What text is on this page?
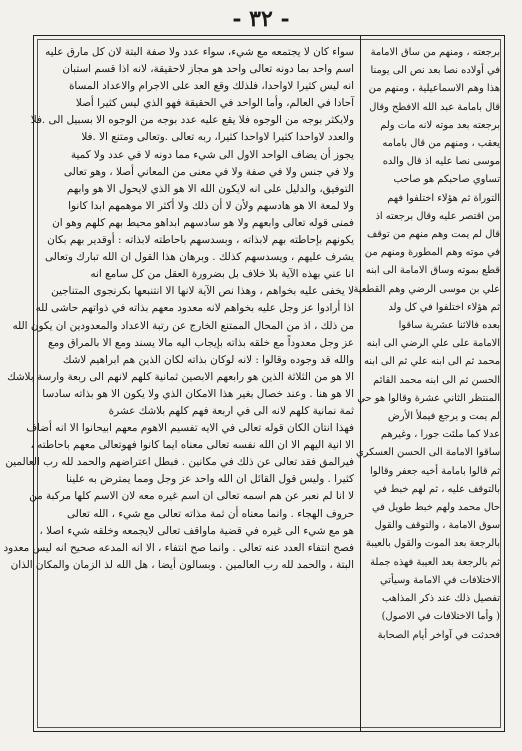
- ٣٢ -
سواء كان لا يجتمعه مع شيء، سواء عدد ولا صفة البتة لان كل مارق عليه
اسم واحد بما دونه تعالى واحد هو مجاز لاحقيقة، لانه اذا قسم استبان
انه ليس كثيرا لاواحدا، فلذلك وقع العد على الاجرام والاعداد المساة
آحادا في العالم، وأما الواحد في الحقيقة فهو الذي ليس كثيرا أصلا
ولايكثر بوجه من الوجوه فلا يقع عليه عدد بوجه من الوجوه الا بسبيل الى .فلا
والعدد لاواحدا كثيرا لاواحدا كثيرا، ربه تعالى .وتعالى ومتنع الا .فلا
يجوز أن يضاف الواحد الاول الى شيء مما دونه لا في عدد ولا كمية
ولا في جنس ولا في صفة ولا في معنى من المعاني أصلا ، وهو تعالى
التوفيق، والدليل على انه لايكون الله الا هو الذي لايحول الا هو وابهم
ولا لمعة الا هو هادسهم ولأن لا أن ذلك ولا أكثر الا موهمهم ابدا كانوا
فمنى قوله تعالى وابعهم ولا هو سادسهم ابداهو محيط بهم كلهم وهو ان
يكونهم بإحاطته بهم لابذاته ، وبسدسهم باحاطته لابذاته : أوقدير بهم بكان
يشرف عليهم ، ويسدسهم كذلك . وبرهان هذا القول ان الله تبارك وتعالى
انا عني بهذه الآية بلا خلاف بل بضرورة العقل من كل سامع انه
لا يخفى عليه بخواهم ، وهذا نص الآية لانها الا انتنبعها بكرنجوى المتناجين
اذا أرادوا عز وجل عليه بخواهم لانه معدود معهم بذاته في ذواتهم حاشى لله
من ذلك ، اذ من المحال الممتنع الخارج عن رتبة الاعداد والمعدودين ان يكون الله
عز وجل معدوداً مع خلقه بذاته بإيجاب اليه مالا يسند ومع الا بالمراق ومع
والله قد وجوده وقالوا : لانه لوكان بذاته لكان الذين هم ابراهيم لاشك
الا هو من الثلاثة الذين هو رابعهم الابصين ثمانية كلهم لانهم الى ربعة وارسة بلاشك
الا هو هنا . وعند خصال بغير هذا الامكان الذي ولا يكون الا هو بذاته سادسا
ثمة نمانية كلهم لانه الى في اربعة فهم كلهم بلاشك عشرة
فهذا انتان الكان قوله تعالى في الايه تفسيم الاهوم معهم ابيحانوا الا انه أضاف
الا انية اليهم الا ان الله نفسه تعالى معناه ايما كانوا فهوتعالى معهم باحاطته ،
فيرالمق فقد تعالى عن ذلك في مكانين . فبطل اعتراضهم والحمد لله رب العالمين
كثيرا . وليس قول القائل ان الله واحد عز وجل ومما يمترض به علينا
لا انا لم نعبر عن هم اسمه تعالى ان اسم غيره معه لان الاسم كلها مركبة من
حروف الهجاء . وانما معناه أن ثمة مذاته تعالى مع شيء ، الله تعالى
هو مع شيء الى غيره في قضية ماواقف تعالى لايجمعه وخلقه شيء اصلا ،
فصح انتفاء العدد عنه تعالى . وانما صح انتفاء ، الا انه المدعه صحيح انه ليس معدود
البتة ، والحمد لله رب العالمين . وبسالون أيضا ، هل الله لذ الزمان والمكان الذان
برجعته ، ومنهم من ساق الامامة
في أولاده نصا بعد نص الى يومنا
هذا وهم الاسماعيلية ، ومنهم من
قال بامامة عبد الله الافطح وقال
برجعته بعد موته لانه مات ولم
يعقب ، ومنهم من قال بامامه
موسى نصا عليه اذ قال والده
تساوي صاحبكم هو صاحب
التوراة ثم هؤلاء اختلفوا فهم
من اقتصر عليه وقال برجعته اذ
قال لم يمت وهم منهم من توقف
في موته وهم المطورة ومنهم من
قطع بموته وساق الامامة الى ابنه
علي بن موسى الرضي وهم القطعية
ثم هؤلاء اختلفوا في كل ولد
بعده فالاثنا عشرية ساقوا
الامامة على علي الرضي الى ابنه
محمد ثم الى ابنه علي ثم الى ابنه
الحسن ثم الى ابنه محمد القائم
المنتظر الثاني عشرة وقالوا هو حي
لم يمت و يرجع فيملأ الأرض
عدلا كما ملئت جورا ، وغيرهم
ساقوا الامامة الى الحسن العسكري
ثم قالوا بامامة أخيه جعفر وقالوا
بالتوقف عليه ، ثم لهم خبط في
حال محمد ولهم خبط طويل في
سوق الامامة ، والتوقف والقول
بالرجعة بعد الموت والقول بالعيبة
ثم بالرجعة بعد العيبة فهذه جملة
الاختلافات في الامامة وسيأتي
تفصيل ذلك عند ذكر المذاهب
( وأما الاختلافات في الاصول)
فحدثت في آواخر أيام الصحابة
